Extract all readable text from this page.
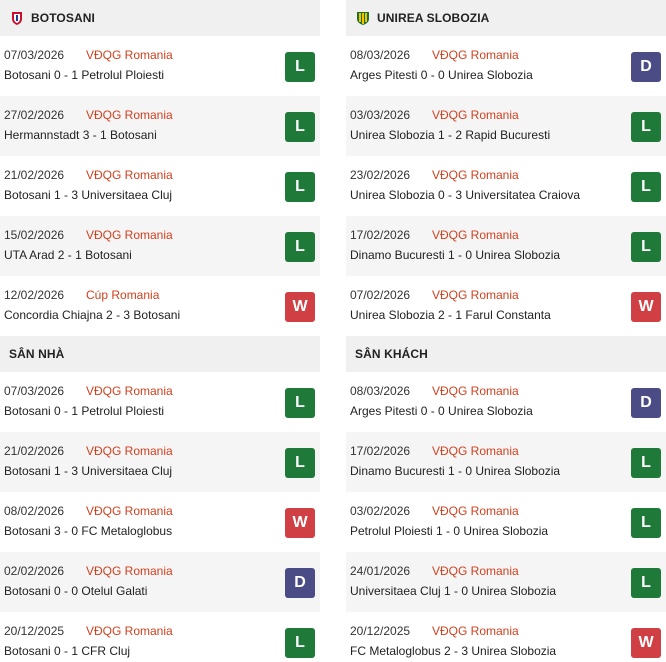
BOTOSANI
07/03/2026 VĐQG Romania
Botosani 0 - 1 Petrolul Ploiesti	L
27/02/2026 VĐQG Romania
Hermannstadt 3 - 1 Botosani	L
21/02/2026 VĐQG Romania
Botosani 1 - 3 Universitaea Cluj	L
15/02/2026 VĐQG Romania
UTA Arad 2 - 1 Botosani	L
12/02/2026 Cúp Romania
Concordia Chiajna 2 - 3 Botosani	W
SÂN NHÀ
07/03/2026 VĐQG Romania
Botosani 0 - 1 Petrolul Ploiesti	L
21/02/2026 VĐQG Romania
Botosani 1 - 3 Universitaea Cluj	L
08/02/2026 VĐQG Romania
Botosani 3 - 0 FC Metaloglobus	W
02/02/2026 VĐQG Romania
Botosani 0 - 0 Otelul Galati	D
20/12/2025 VĐQG Romania
Botosani 0 - 1 CFR Cluj	L
UNIREA SLOBOZIA
08/03/2026 VĐQG Romania
Arges Pitesti 0 - 0 Unirea Slobozia	D
03/03/2026 VĐQG Romania
Unirea Slobozia 1 - 2 Rapid Bucuresti	L
23/02/2026 VĐQG Romania
Unirea Slobozia 0 - 3 Universitatea Craiova	L
17/02/2026 VĐQG Romania
Dinamo Bucuresti 1 - 0 Unirea Slobozia	L
07/02/2026 VĐQG Romania
Unirea Slobozia 2 - 1 Farul Constanta	W
SÂN KHÁCH
08/03/2026 VĐQG Romania
Arges Pitesti 0 - 0 Unirea Slobozia	D
17/02/2026 VĐQG Romania
Dinamo Bucuresti 1 - 0 Unirea Slobozia	L
03/02/2026 VĐQG Romania
Petrolul Ploiesti 1 - 0 Unirea Slobozia	L
24/01/2026 VĐQG Romania
Universitaea Cluj 1 - 0 Unirea Slobozia	L
20/12/2025 VĐQG Romania
FC Metaloglobus 2 - 3 Unirea Slobozia	W
